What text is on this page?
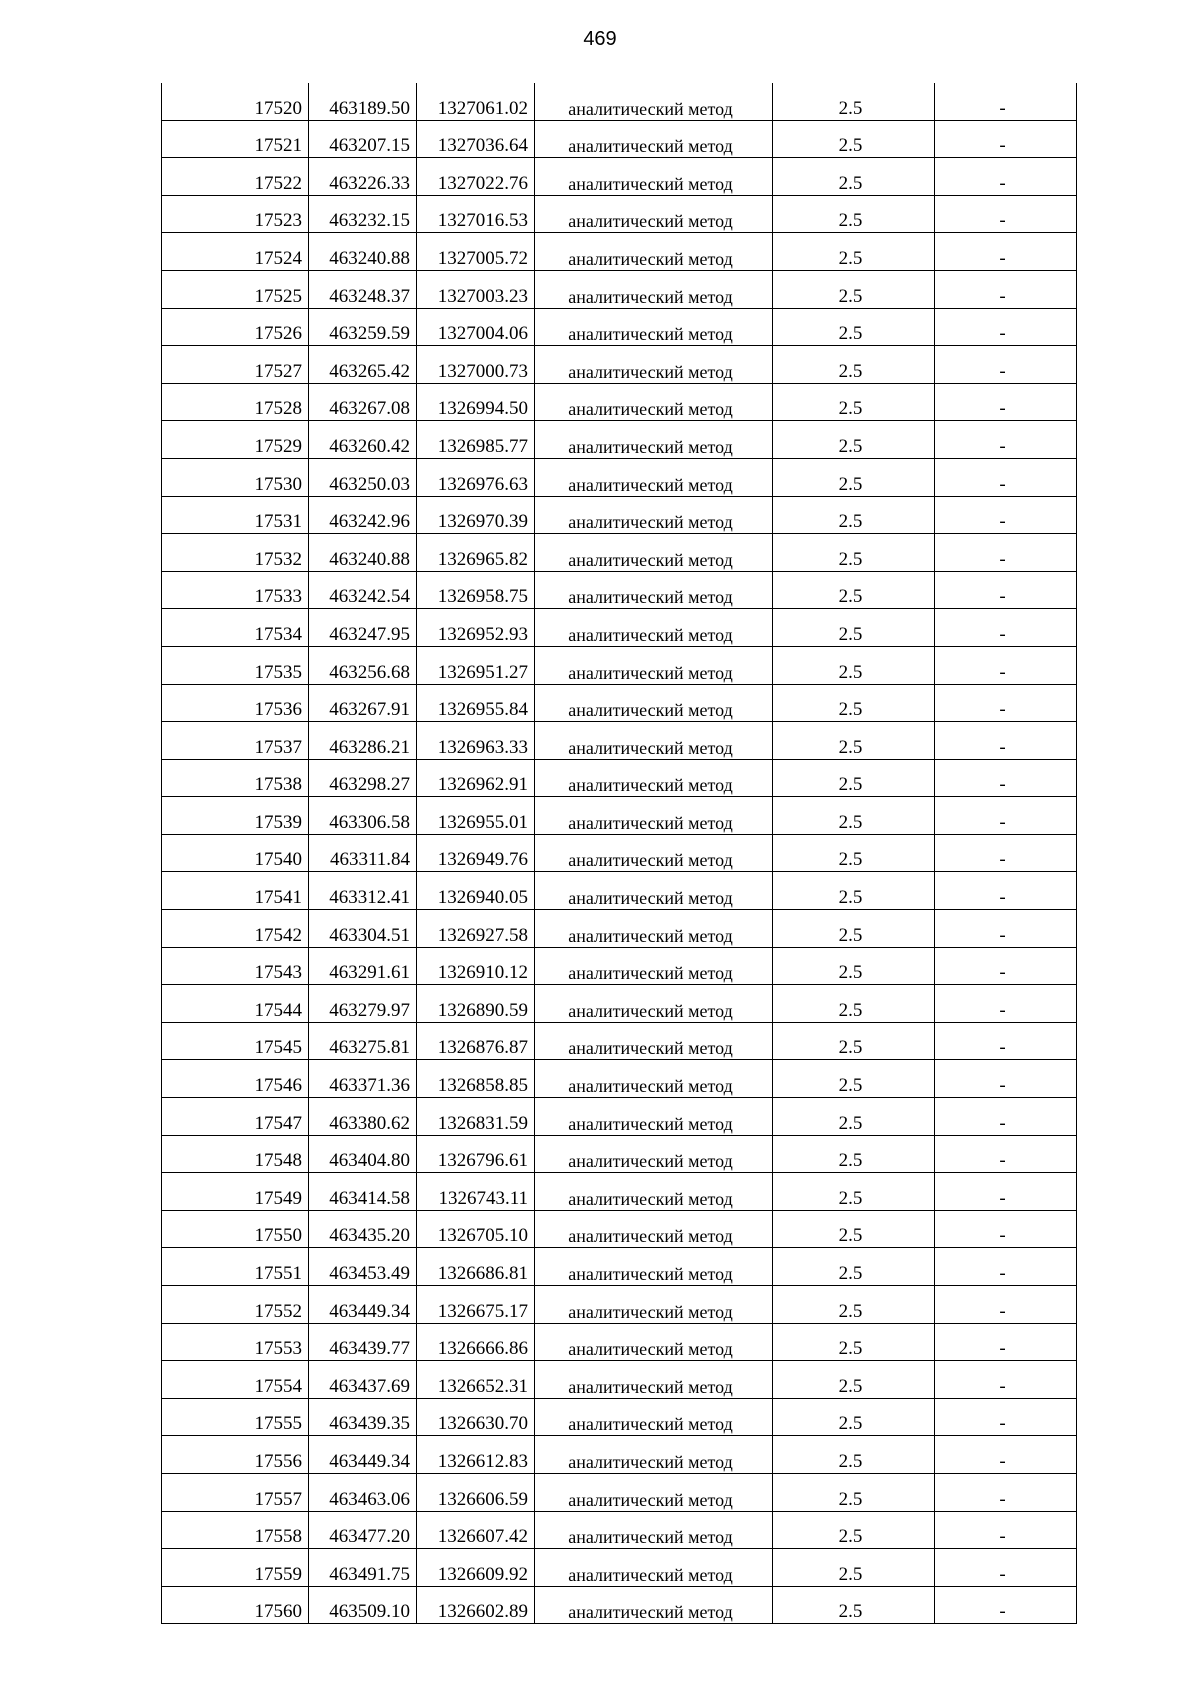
469
17520	463189.50	1327061.02	аналитический метод	2.5	-
17521	463207.15	1327036.64	аналитический метод	2.5	-
17522	463226.33	1327022.76	аналитический метод	2.5	-
17523	463232.15	1327016.53	аналитический метод	2.5	-
17524	463240.88	1327005.72	аналитический метод	2.5	-
17525	463248.37	1327003.23	аналитический метод	2.5	-
17526	463259.59	1327004.06	аналитический метод	2.5	-
17527	463265.42	1327000.73	аналитический метод	2.5	-
17528	463267.08	1326994.50	аналитический метод	2.5	-
17529	463260.42	1326985.77	аналитический метод	2.5	-
17530	463250.03	1326976.63	аналитический метод	2.5	-
17531	463242.96	1326970.39	аналитический метод	2.5	-
17532	463240.88	1326965.82	аналитический метод	2.5	-
17533	463242.54	1326958.75	аналитический метод	2.5	-
17534	463247.95	1326952.93	аналитический метод	2.5	-
17535	463256.68	1326951.27	аналитический метод	2.5	-
17536	463267.91	1326955.84	аналитический метод	2.5	-
17537	463286.21	1326963.33	аналитический метод	2.5	-
17538	463298.27	1326962.91	аналитический метод	2.5	-
17539	463306.58	1326955.01	аналитический метод	2.5	-
17540	463311.84	1326949.76	аналитический метод	2.5	-
17541	463312.41	1326940.05	аналитический метод	2.5	-
17542	463304.51	1326927.58	аналитический метод	2.5	-
17543	463291.61	1326910.12	аналитический метод	2.5	-
17544	463279.97	1326890.59	аналитический метод	2.5	-
17545	463275.81	1326876.87	аналитический метод	2.5	-
17546	463371.36	1326858.85	аналитический метод	2.5	-
17547	463380.62	1326831.59	аналитический метод	2.5	-
17548	463404.80	1326796.61	аналитический метод	2.5	-
17549	463414.58	1326743.11	аналитический метод	2.5	-
17550	463435.20	1326705.10	аналитический метод	2.5	-
17551	463453.49	1326686.81	аналитический метод	2.5	-
17552	463449.34	1326675.17	аналитический метод	2.5	-
17553	463439.77	1326666.86	аналитический метод	2.5	-
17554	463437.69	1326652.31	аналитический метод	2.5	-
17555	463439.35	1326630.70	аналитический метод	2.5	-
17556	463449.34	1326612.83	аналитический метод	2.5	-
17557	463463.06	1326606.59	аналитический метод	2.5	-
17558	463477.20	1326607.42	аналитический метод	2.5	-
17559	463491.75	1326609.92	аналитический метод	2.5	-
17560	463509.10	1326602.89	аналитический метод	2.5	-
